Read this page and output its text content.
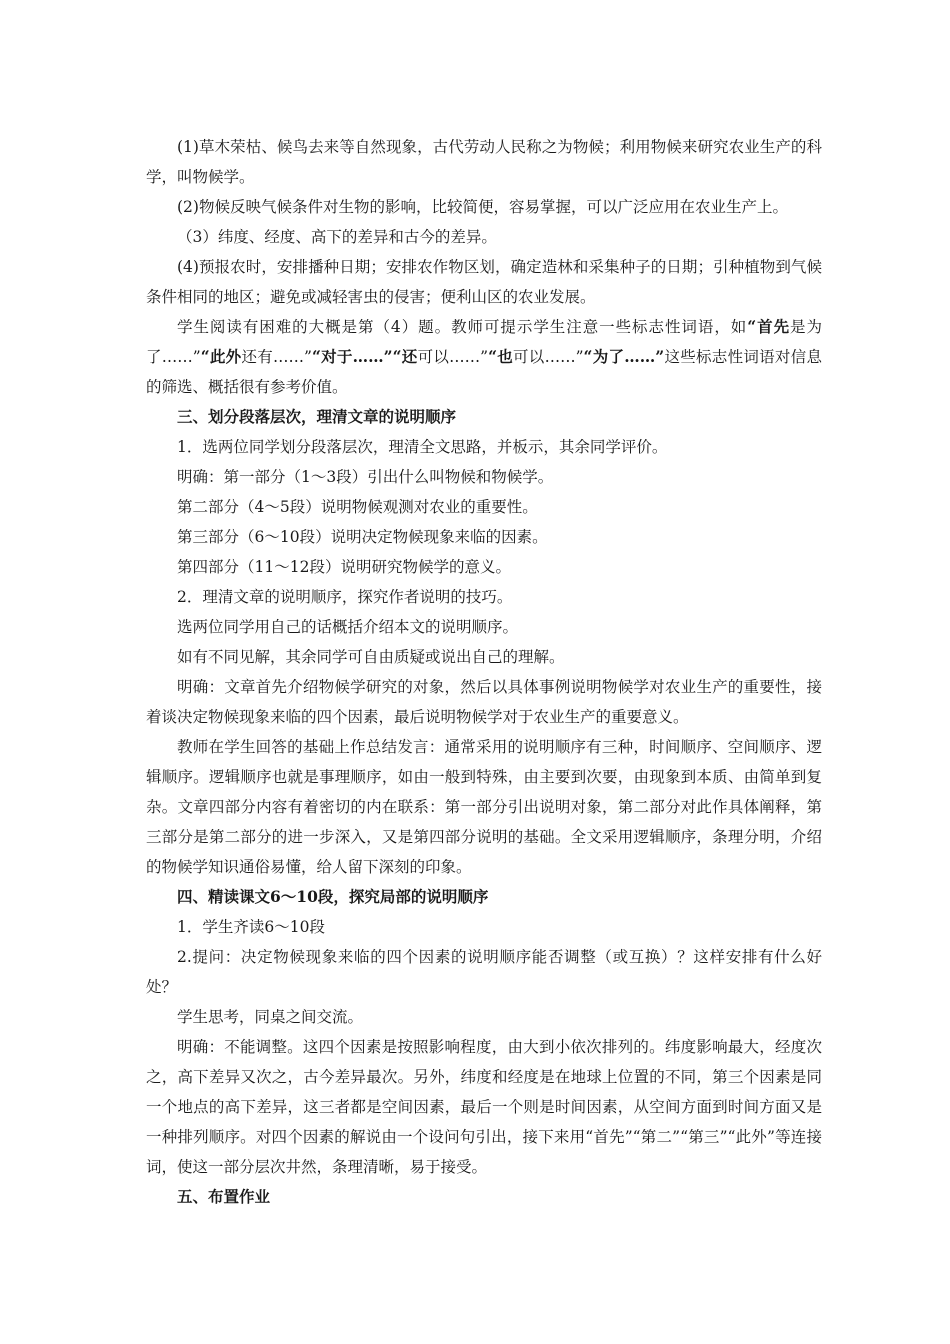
(1)草木荣枯、候鸟去来等自然现象，古代劳动人民称之为物候；利用物候来研究农业生产的科学，叫物候学。

(2)物候反映气候条件对生物的影响，比较简便，容易掌握，可以广泛应用在农业生产上。

（3）纬度、经度、高下的差异和古今的差异。

(4)预报农时，安排播种日期；安排农作物区划，确定造林和采集种子的日期；引种植物到气候条件相同的地区；避免或减轻害虫的侵害；便利山区的农业发展。

学生阅读有困难的大概是第（4）题。教师可提示学生注意一些标志性词语，如“首先是为了……”“此外还有……”“对于……”“还可以……”“也可以……”“为了……”这些标志性词语对信息的筛选、概括很有参考价值。

三、划分段落层次，理清文章的说明顺序

1．选两位同学划分段落层次，理清全文思路，并板示，其余同学评价。

明确：第一部分（1～3段）引出什么叫物候和物候学。

第二部分（4～5段）说明物候观测对农业的重要性。

第三部分（6～10段）说明决定物候现象来临的因素。

第四部分（11～12段）说明研究物候学的意义。

2．理清文章的说明顺序，探究作者说明的技巧。

选两位同学用自己的话概括介绍本文的说明顺序。

如有不同见解，其余同学可自由质疑或说出自己的理解。

明确：文章首先介绍物候学研究的对象，然后以具体事例说明物候学对农业生产的重要性，接着谈决定物候现象来临的四个因素，最后说明物候学对于农业生产的重要意义。

教师在学生回答的基础上作总结发言：通常采用的说明顺序有三种，时间顺序、空间顺序、逻辑顺序。逻辑顺序也就是事理顺序，如由一般到特殊，由主要到次要，由现象到本质、由简单到复杂。文章四部分内容有着密切的内在联系：第一部分引出说明对象，第二部分对此作具体阐释，第三部分是第二部分的进一步深入，又是第四部分说明的基础。全文采用逻辑顺序，条理分明，介绍的物候学知识通俗易懂，给人留下深刻的印象。

四、精读课文6～10段，探究局部的说明顺序

1．学生齐读6～10段

2.提问：决定物候现象来临的四个因素的说明顺序能否调整（或互换）？这样安排有什么好处？

学生思考，同桌之间交流。

明确：不能调整。这四个因素是按照影响程度，由大到小依次排列的。纬度影响最大，经度次之，高下差异又次之，古今差异最次。另外，纬度和经度是在地球上位置的不同，第三个因素是同一个地点的高下差异，这三者都是空间因素，最后一个则是时间因素，从空间方面到时间方面又是一种排列顺序。对四个因素的解说由一个设问句引出，接下来用“首先”“第二”“第三”“此外”等连接词，使这一部分层次井然，条理清晰，易于接受。

五、布置作业
